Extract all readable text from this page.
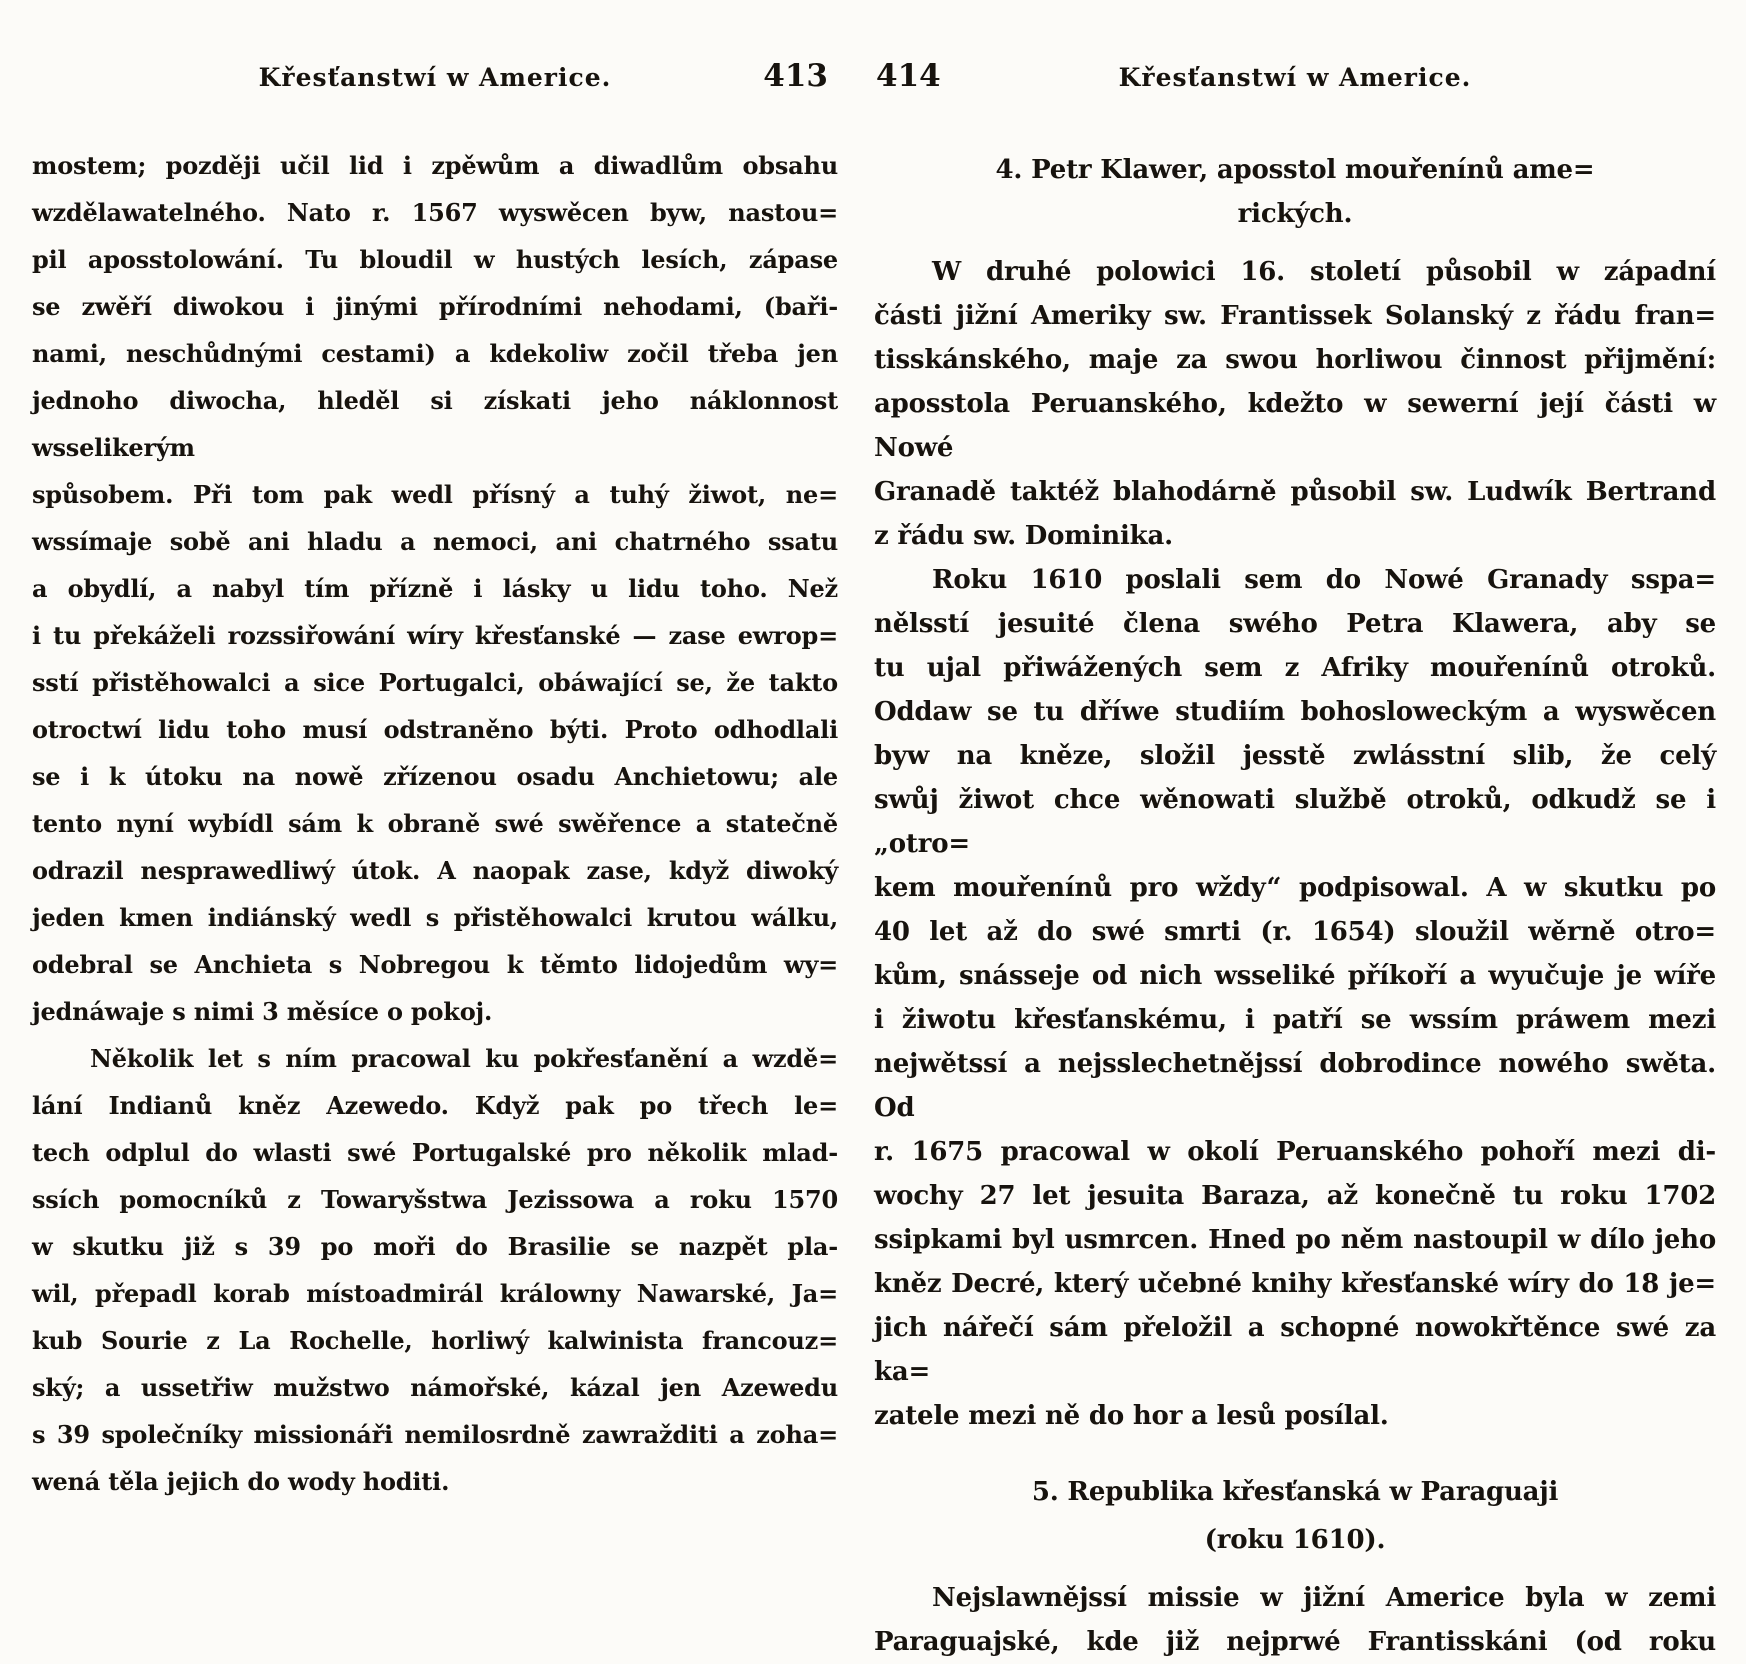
Křesťanstwí w Americe.	413
mostem; později učil lid i zpěwům a diwadlům obsahu
wzdělawatelného. Nato r. 1567 wyswěcen byw, nastou=
pil aposstolowání. Tu bloudil w hustých lesích, zápase
se zwěří diwokou i jinými přírodními nehodami, (baři-
nami, neschůdnými cestami) a kdekoliw zočil třeba jen
jednoho diwocha, hleděl si získati jeho náklonnost wsselikerým
spůsobem. Při tom pak wedl přísný a tuhý žiwot, ne=
wssímaje sobě ani hladu a nemoci, ani chatrného ssatu
a obydlí, a nabyl tím přízně i lásky u lidu toho. Než
i tu překáželi rozssiřowání wíry křesťanské — zase ewrop=
sstí přistěhowalci a sice Portugalci, obáwající se, že takto
otroctwí lidu toho musí odstraněno býti. Proto odhodlali
se i k útoku na nowě zřízenou osadu Anchietowu; ale
tento nyní wybídl sám k obraně swé swěřence a statečně
odrazil nesprawedliwý útok. A naopak zase, když diwoký
jeden kmen indiánský wedl s přistěhowalci krutou wálku,
odebral se Anchieta s Nobregou k těmto lidojedům wy=
jednáwaje s nimi 3 měsíce o pokoj.
Několik let s ním pracowal ku pokřesťanění a wzdě=
lání Indianů kněz Azewedo. Když pak po třech le=
tech odplul do wlasti swé Portugalské pro několik mlad-
ssích pomocníků z Towaryšstwa Jezissowa a roku 1570
w skutku již s 39 po moři do Brasilie se nazpět pla-
wil, přepadl korab místoadmirál králowny Nawarské, Ja=
kub Sourie z La Rochelle, horliwý kalwinista francouz=
ský; a ussetřiw mužstwo námořské, kázal jen Azewedu
s 39 společníky missionáři nemilosrdně zawražditi a zoha=
wená těla jejich do wody hoditi.
Křesťanstwí w Americe.
414
4. Petr Klawer, aposstol mouřenínů ame=
rických.
W druhé polowici 16. století působil w západní
části jižní Ameriky sw. Frantissek Solanský z řádu fran=
tisskánského, maje za swou horliwou činnost přijmění:
aposstola Peruanského, kdežto w sewerní její části w Nowé
Granadě taktéž blahodárně působil sw. Ludwík Bertrand
z řádu sw. Dominika.
Roku 1610 poslali sem do Nowé Granady sspa=
nělsstí jesuité člena swého Petra Klawera, aby se
tu ujal přiwážených sem z Afriky mouřenínů otroků.
Oddaw se tu dříwe studiím bohosloweckým a wyswěcen
byw na kněze, složil jesstě zwlásstní slib, že celý
swůj žiwot chce wěnowati službě otroků, odkudž se i „otro=
kem mouřenínů pro wždy“ podpisowal. A w skutku po
40 let až do swé smrti (r. 1654) sloužil wěrně otro=
kům, snásseje od nich wsseliké příkoří a wyučuje je wíře
i žiwotu křesťanskému, i patří se wssím práwem mezi
nejwětssí a nejsslechetnějssí dobrodince nowého swěta. Od
r. 1675 pracowal w okolí Peruanského pohoří mezi di-
wochy 27 let jesuita Baraza, až konečně tu roku 1702
ssipkami byl usmrcen. Hned po něm nastoupil w dílo jeho
kněz Decré, který učebné knihy křesťanské wíry do 18 je=
jich nářečí sám přeložil a schopné nowokřtěnce swé za ka=
zatele mezi ně do hor a lesů posílal.
5. Republika křesťanská w Paraguaji
(roku 1610).
Nejslawnějssí missie w jižní Americe byla w zemi
Paraguajské, kde již nejprwé Frantisskáni (od roku
